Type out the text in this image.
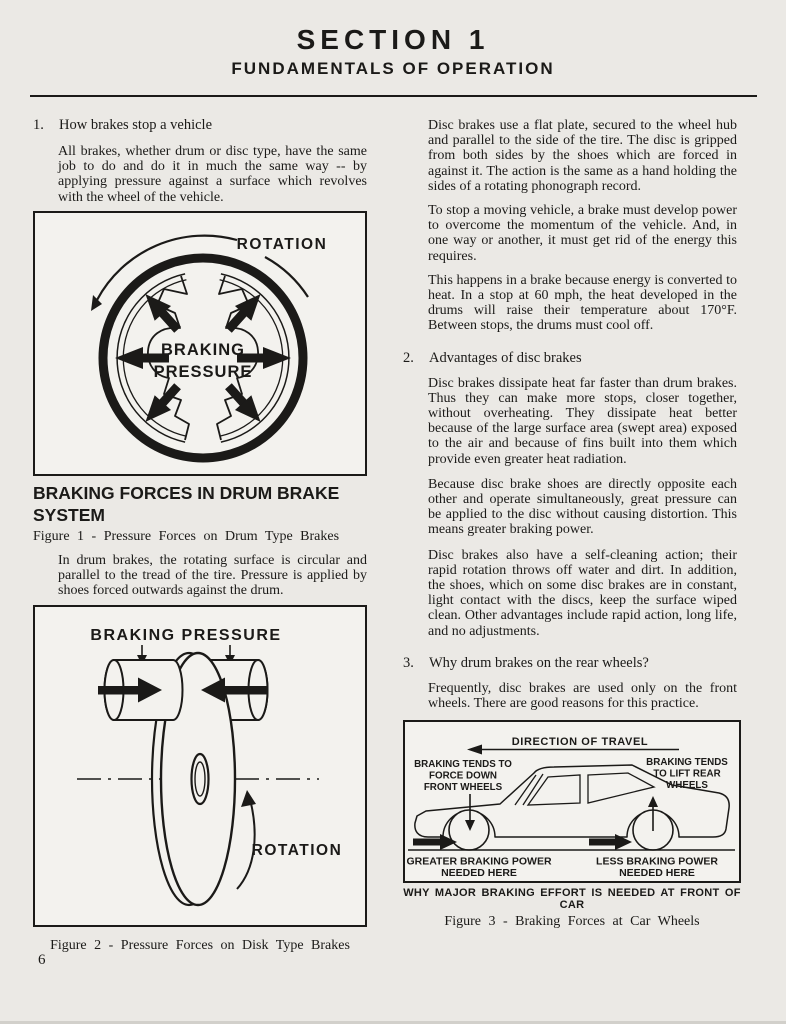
SECTION 1
FUNDAMENTALS OF OPERATION
1.	How brakes stop a vehicle

All brakes, whether drum or disc type, have the same job to do and do it in much the same way -- by applying pressure against a surface which revolves with the wheel of the vehicle.

ROTATION
BRAKING
PRESSURE
BRAKING FORCES IN DRUM BRAKE SYSTEM
Figure 1 - Pressure Forces on Drum Type Brakes

In drum brakes, the rotating surface is circular and parallel to the tread of the tire. Pressure is applied by shoes forced outwards against the drum.

BRAKING PRESSURE
ROTATION
Figure 2 - Pressure Forces on Disk Type Brakes

Disc brakes use a flat plate, secured to the wheel hub and parallel to the side of the tire. The disc is gripped from both sides by the shoes which are forced in against it. The action is the same as a hand holding the sides of a rotating phonograph record.

To stop a moving vehicle, a brake must develop power to overcome the momentum of the vehicle. And, in one way or another, it must get rid of the energy this requires.

This happens in a brake because energy is converted to heat. In a stop at 60 mph, the heat developed in the drums will raise their temperature about 170°F. Between stops, the drums must cool off.

2.	Advantages of disc brakes

Disc brakes dissipate heat far faster than drum brakes. Thus they can make more stops, closer together, without overheating. They dissipate heat better because of the large surface area (swept area) exposed to the air and because of fins built into them which provide even greater heat radiation.

Because disc brake shoes are directly opposite each other and operate simultaneously, great pressure can be applied to the disc without causing distortion. This means greater braking power.

Disc brakes also have a self-cleaning action; their rapid rotation throws off water and dirt. In addition, the shoes, which on some disc brakes are in constant, light contact with the discs, keep the surface wiped clean. Other advantages include rapid action, long life, and no adjustments.

3.	Why drum brakes on the rear wheels?

Frequently, disc brakes are used only on the front wheels. There are good reasons for this practice.

DIRECTION OF TRAVEL
BRAKING TENDS TO
FORCE DOWN
FRONT WHEELS
BRAKING TENDS
TO LIFT REAR
WHEELS
GREATER BRAKING POWER
NEEDED HERE
LESS BRAKING POWER
NEEDED HERE
WHY MAJOR BRAKING EFFORT IS NEEDED AT FRONT OF CAR
Figure 3 - Braking Forces at Car Wheels
6
